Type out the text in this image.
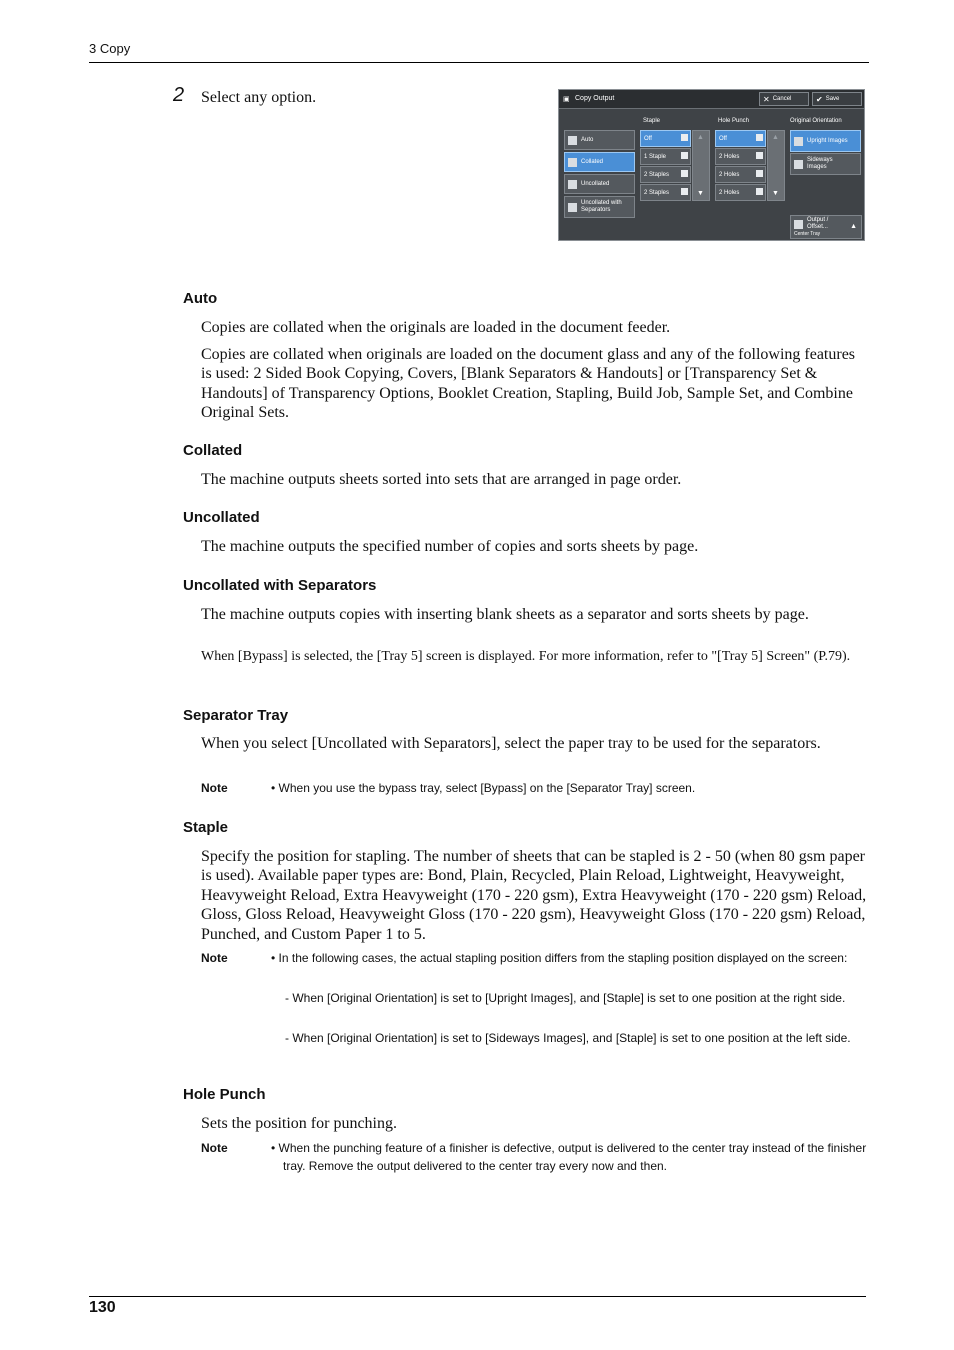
3 Copy
2 Select any option.	▣ Copy Output	✕ Cancel	✔ Save
Staple	Hole Punch	Original Orientation
Auto
Collated
Uncollated
Uncollated with Separators
Off
1 Staple
2 Staples
2 Staples	▼
▲	Off
2 Holes
2 Holes
2 Holes	▼
▲	Upright Images
Sideways Images
Output /
Offset...
Center Tray
▲
Auto
Copies are collated when the originals are loaded in the document feeder.
Copies are collated when originals are loaded on the document glass and any of the following features is used: 2 Sided Book Copying, Covers, [Blank Separators & Handouts] or [Transparency Set & Handouts] of Transparency Options, Booklet Creation, Stapling, Build Job, Sample Set, and Combine Original Sets.
Collated
The machine outputs sheets sorted into sets that are arranged in page order.
Uncollated
The machine outputs the specified number of copies and sorts sheets by page.
Uncollated with Separators
The machine outputs copies with inserting blank sheets as a separator and sorts sheets by page.
When [Bypass] is selected, the [Tray 5] screen is displayed. For more information, refer to "[Tray 5] Screen" (P.79).
Separator Tray
When you select [Uncollated with Separators], select the paper tray to be used for the separators.
Note	• When you use the bypass tray, select [Bypass] on the [Separator Tray] screen.
Staple
Specify the position for stapling. The number of sheets that can be stapled is 2 - 50 (when 80 gsm paper is used). Available paper types are: Bond, Plain, Recycled, Plain Reload, Lightweight, Heavyweight, Heavyweight Reload, Extra Heavyweight (170 - 220 gsm), Extra Heavyweight (170 - 220 gsm) Reload, Gloss, Gloss Reload, Heavyweight Gloss (170 - 220 gsm), Heavyweight Gloss (170 - 220 gsm) Reload, Punched, and Custom Paper 1 to 5.
Note	• In the following cases, the actual stapling position differs from the stapling position displayed on the screen:
- When [Original Orientation] is set to [Upright Images], and [Staple] is set to one position at the right side.
- When [Original Orientation] is set to [Sideways Images], and [Staple] is set to one position at the left side.
Hole Punch
Sets the position for punching.
Note	• When the punching feature of a finisher is defective, output is delivered to the center tray instead of the finisher tray. Remove the output delivered to the center tray every now and then.
130
